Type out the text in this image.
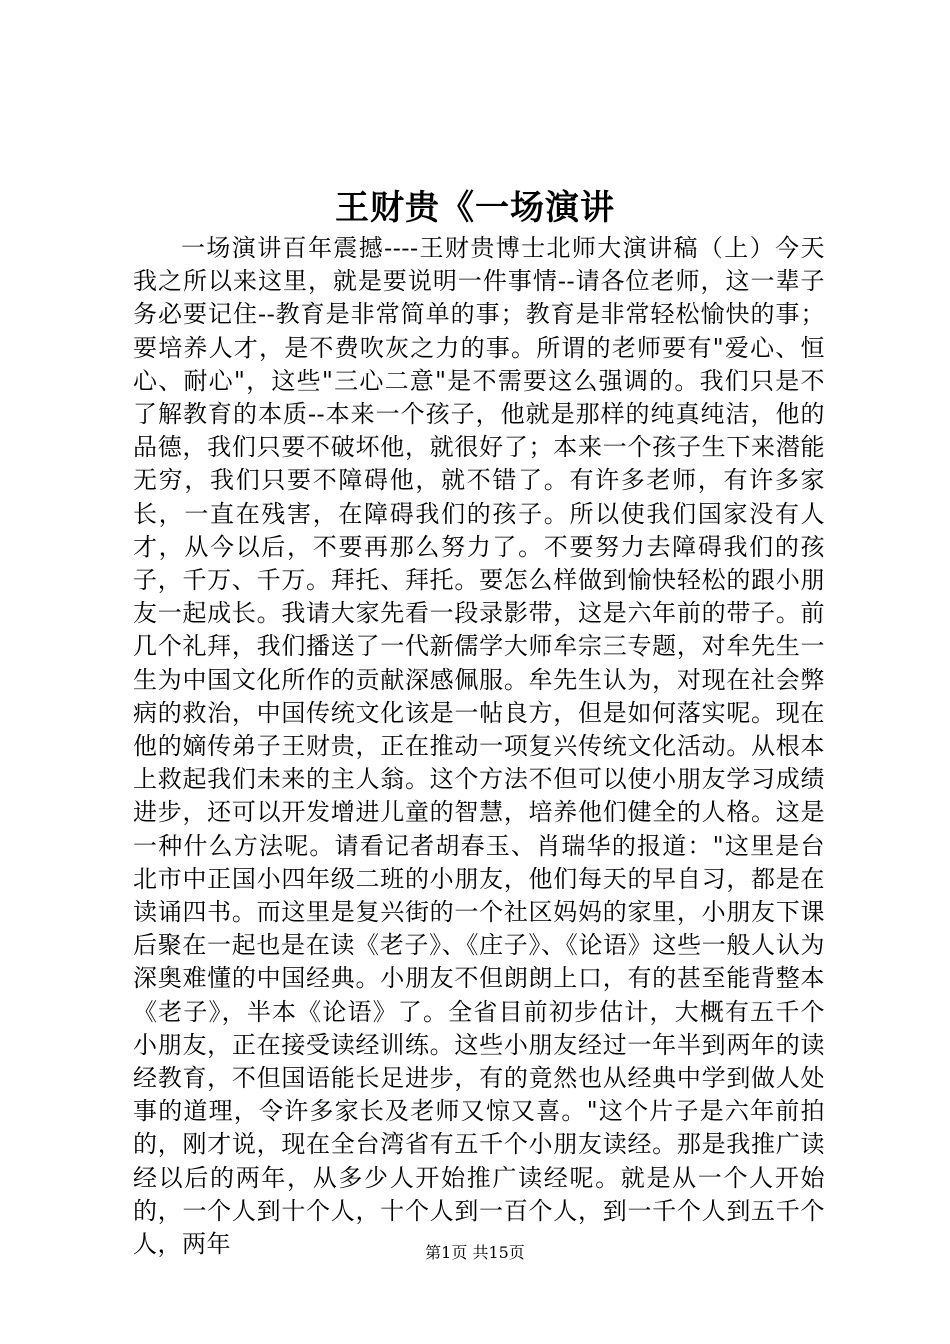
王财贵《一场演讲

一场演讲百年震撼----王财贵博士北师大演讲稿（上）今天我之所以来这里，就是要说明一件事情--请各位老师，这一辈子务必要记住--教育是非常简单的事；教育是非常轻松愉快的事；要培养人才，是不费吹灰之力的事。所谓的老师要有"爱心、恒心、耐心"，这些"三心二意"是不需要这么强调的。我们只是不了解教育的本质--本来一个孩子，他就是那样的纯真纯洁，他的品德，我们只要不破坏他，就很好了；本来一个孩子生下来潜能无穷，我们只要不障碍他，就不错了。有许多老师，有许多家长，一直在残害，在障碍我们的孩子。所以使我们国家没有人才，从今以后，不要再那么努力了。不要努力去障碍我们的孩子，千万、千万。拜托、拜托。要怎么样做到愉快轻松的跟小朋友一起成长。我请大家先看一段录影带，这是六年前的带子。前几个礼拜，我们播送了一代新儒学大师牟宗三专题，对牟先生一生为中国文化所作的贡献深感佩服。牟先生认为，对现在社会弊病的救治，中国传统文化该是一帖良方，但是如何落实呢。现在他的嫡传弟子王财贵，正在推动一项复兴传统文化活动。从根本上救起我们未来的主人翁。这个方法不但可以使小朋友学习成绩进步，还可以开发增进儿童的智慧，培养他们健全的人格。这是一种什么方法呢。请看记者胡春玉、肖瑞华的报道："这里是台北市中正国小四年级二班的小朋友，他们每天的早自习，都是在读诵四书。而这里是复兴街的一个社区妈妈的家里，小朋友下课后聚在一起也是在读《老子》、《庄子》、《论语》这些一般人认为深奥难懂的中国经典。小朋友不但朗朗上口，有的甚至能背整本《老子》，半本《论语》了。全省目前初步估计，大概有五千个小朋友，正在接受读经训练。这些小朋友经过一年半到两年的读经教育，不但国语能长足进步，有的竟然也从经典中学到做人处事的道理，令许多家长及老师又惊又喜。"这个片子是六年前拍的，刚才说，现在全台湾省有五千个小朋友读经。那是我推广读经以后的两年，从多少人开始推广读经呢。就是从一个人开始的，一个人到十个人，十个人到一百个人，到一千个人到五千个人，两年	第1页 共15页
